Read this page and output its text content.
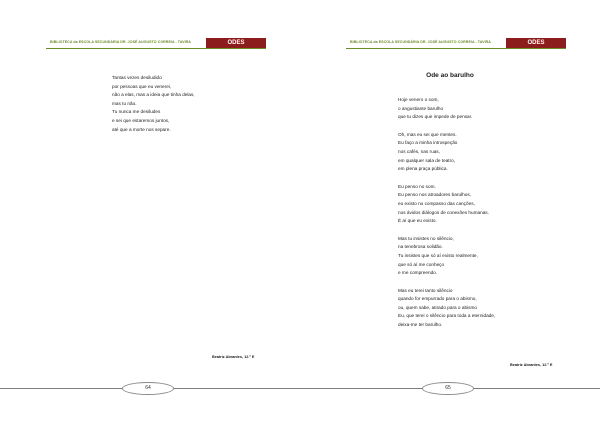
BIBLIOTECA da ESCOLA SECUNDÁRIA DR. JOSÉ AUGUSTO CORREIA - TAVIRA	ODES

Tantas vezes desiludido

por pessoas que eu venerei,

não a elas, mas a ideia que tinha delas,

mas tu não.

Tu nunca me desiludes

e sei que estaremos juntos,

até que a morte nos separe.

Beatriz Abrantes, 12.º E
BIBLIOTECA da ESCOLA SECUNDÁRIA DR. JOSÉ AUGUSTO CORREIA - TAVIRA	ODES
Ode ao barulho

Hoje venero o som,

o angustiante barulho

que tu dizes que impede de pensar.

Oh, mas eu sei que mentes.

Eu faço a minha introspeção

nos cafés, nas ruas,

em qualquer sala de teatro,

em plena praça pública.

Eu penso no som.

Eu penso nos atroadores barulhos,

eu existo no compasso das canções,

nos ávidos diálogos de conexões humanas.

É aí que eu existo.

Mas tu insistes no silêncio,

na tenebrosa solidão.

Tu insistes que só aí existo realmente,

que só aí me conheço

e me compreendo.

Mas eu terei tanto silêncio

quando for empurrado para o abismo,

ou, quem sabe, atirado para o abismo

Eu, que terei o silêncio para toda a eternidade,

deixa-me ter barulho.

Beatriz Abrantes, 12.º E
64	65
